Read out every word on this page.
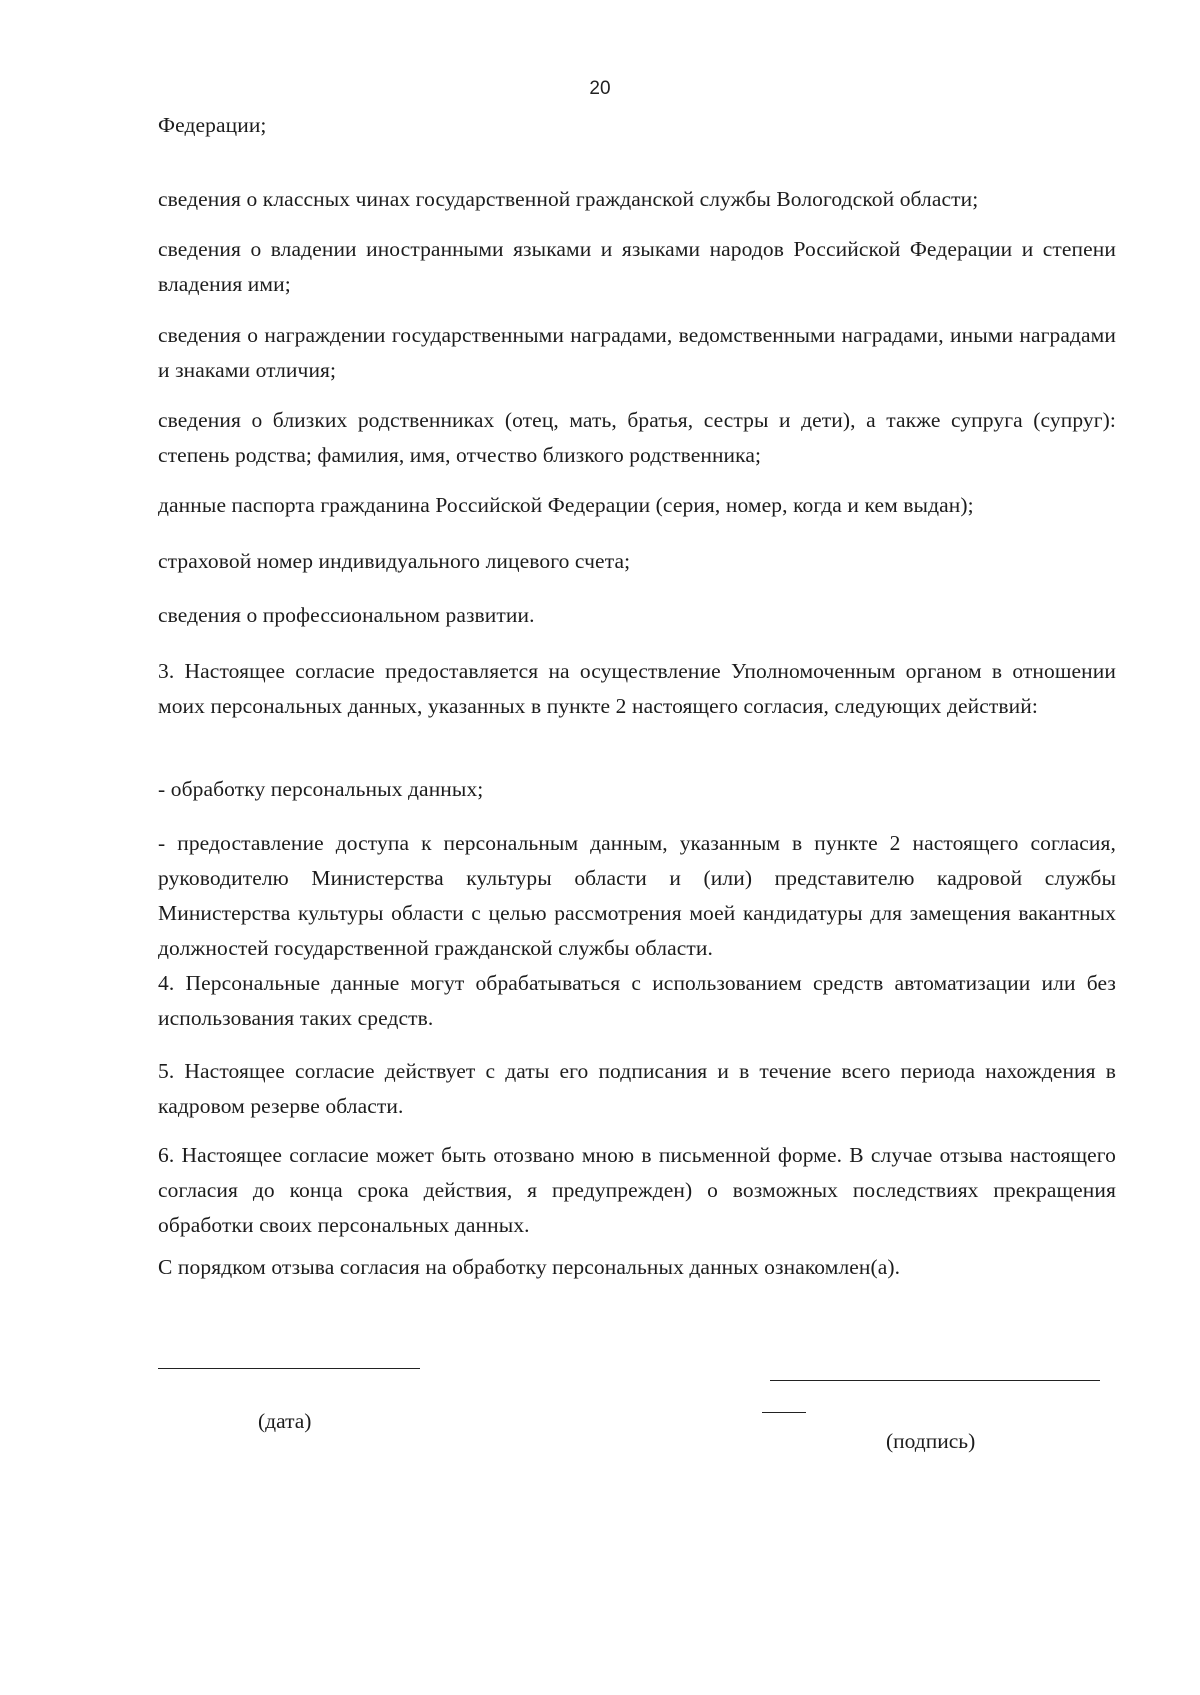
20

Федерации;

сведения о классных чинах государственной гражданской службы Вологодской области;

сведения о владении иностранными языками и языками народов Российской Федерации и степени владения ими;

сведения о награждении государственными наградами, ведомственными наградами, иными наградами и знаками отличия;

сведения о близких родственниках (отец, мать, братья, сестры и дети), а также супруга (супруг): степень родства; фамилия, имя, отчество близкого родственника;

данные паспорта гражданина Российской Федерации (серия, номер, когда и кем выдан);

страховой номер индивидуального лицевого счета;

сведения о профессиональном развитии.

3. Настоящее согласие предоставляется на осуществление Уполномоченным органом в отношении моих персональных данных, указанных в пункте 2 настоящего согласия, следующих действий:

- обработку персональных данных;

- предоставление доступа к персональным данным, указанным в пункте 2 настоящего согласия, руководителю Министерства культуры области и (или) представителю кадровой службы Министерства культуры области с целью рассмотрения моей кандидатуры для замещения вакантных должностей государственной гражданской службы области.

4. Персональные данные могут обрабатываться с использованием средств автоматизации или без использования таких средств.

5. Настоящее согласие действует с даты его подписания и в течение всего периода нахождения в кадровом резерве области.

6. Настоящее согласие может быть отозвано мною в письменной форме. В случае отзыва настоящего согласия до конца срока действия, я предупрежден) о возможных последствиях прекращения обработки своих персональных данных.

С порядком отзыва согласия на обработку персональных данных ознакомлен(а).

(дата)
(подпись)
